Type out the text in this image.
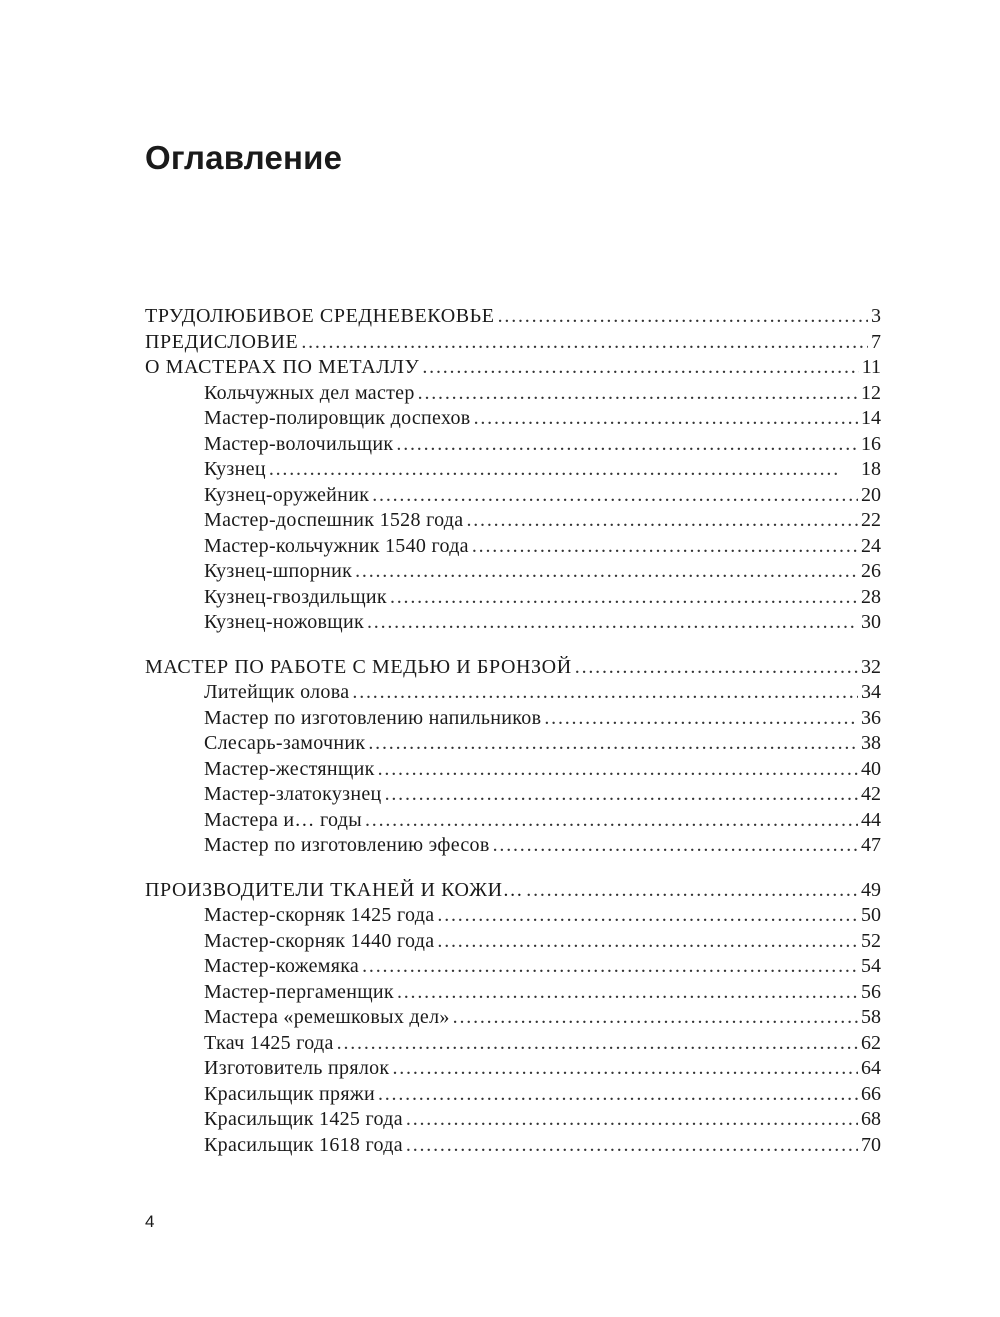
Оглавление
ТРУДОЛЮБИВОЕ СРЕДНЕВЕКОВЬЕ . . .	3
ПРЕДИСЛОВИЕ . . .	7
О МАСТЕРАХ ПО МЕТАЛЛУ . . .	11
Кольчужных дел мастер . . .	12
Мастер-полировщик доспехов . . .	14
Мастер-волочильщик . . .	16
Кузнец . . .	18
Кузнец-оружейник . . .	20
Мастер-доспешник 1528 года . . .	22
Мастер-кольчужник 1540 года . . .	24
Кузнец-шпорник . . .	26
Кузнец-гвоздильщик . . .	28
Кузнец-ножовщик . . .	30
МАСТЕР ПО РАБОТЕ С МЕДЬЮ И БРОНЗОЙ . . .	32
Литейщик олова . . .	34
Мастер по изготовлению напильников . . .	36
Слесарь-замочник . . .	38
Мастер-жестянщик . . .	40
Мастер-златокузнец . . .	42
Мастера и… годы . . .	44
Мастер по изготовлению эфесов . . .	47
ПРОИЗВОДИТЕЛИ ТКАНЕЙ И КОЖИ… . . .	49
Мастер-скорняк 1425 года . . .	50
Мастер-скорняк 1440 года . . .	52
Мастер-кожемяка . . .	54
Мастер-пергаменщик . . .	56
Мастера «ремешковых дел» . . .	58
Ткач 1425 года . . .	62
Изготовитель прялок . . .	64
Красильщик пряжи . . .	66
Красильщик 1425 года . . .	68
Красильщик 1618 года . . .	70
4
